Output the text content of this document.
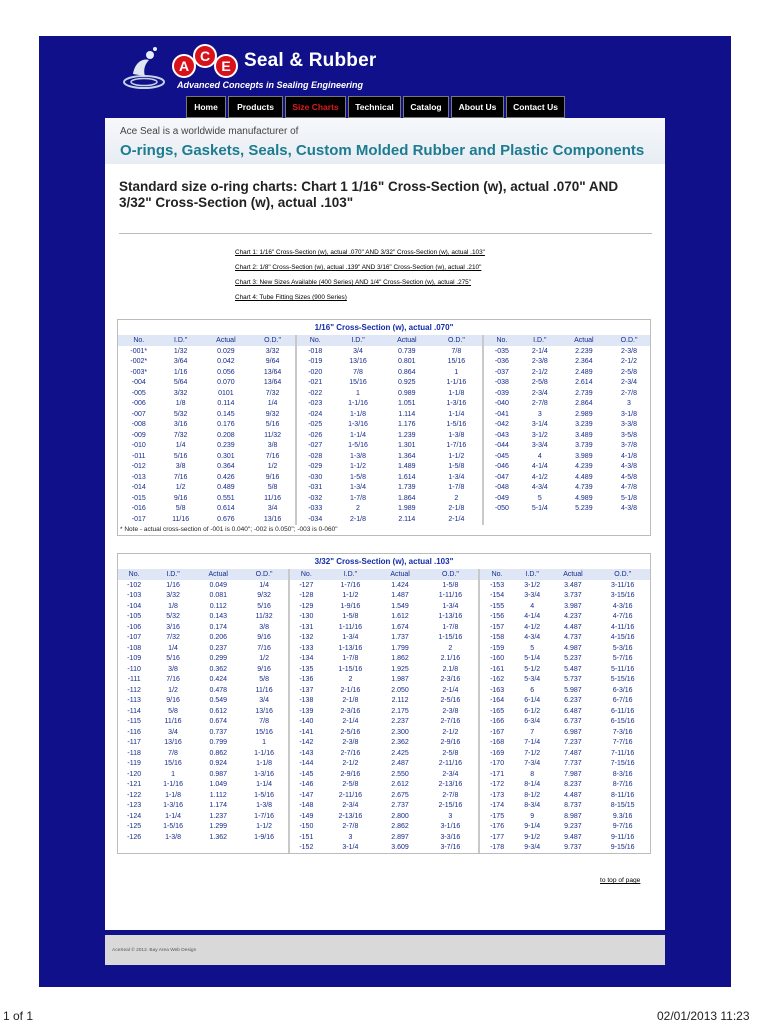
A
C
E Seal & Rubber
Advanced Concepts in Sealing Engineering
Home	Products	Size Charts	Technical	Catalog	About Us	Contact Us
Ace Seal is a worldwide manufacturer of
O-rings, Gaskets, Seals, Custom Molded Rubber and Plastic Components
Standard size o-ring charts: Chart 1 1/16" Cross-Section (w), actual .070" AND 3/32" Cross-Section (w), actual .103"
Chart 1: 1/16" Cross-Section (w), actual .070" AND 3/32" Cross-Section (w), actual .103"
Chart 2: 1/8" Cross-Section (w), actual .139" AND 3/16" Cross-Section (w), actual .210"
Chart 3: New Sizes Available (400 Series) AND 1/4" Cross-Section (w), actual .275"
Chart 4: Tube Fitting Sizes (900 Series)
1/16" Cross-Section (w), actual .070"
No.	I.D."	Actual	O.D."	No.	I.D."	Actual	O.D."	No.	I.D."	Actual	O.D."
-001*	1/32	0.029	3/32	-018	3/4	0.739	7/8	-035	2-1/4	2.239	2-3/8
-002*	3/64	0.042	9/64	-019	13/16	0.801	15/16	-036	2-3/8	2.364	2-1/2
-003*	1/16	0.056	13/64	-020	7/8	0.864	1	-037	2-1/2	2.489	2-5/8
-004	5/64	0.070	13/64	-021	15/16	0.925	1-1/16	-038	2-5/8	2.614	2-3/4
-005	3/32	0101	7/32	-022	1	0.989	1-1/8	-039	2-3/4	2.739	2-7/8
-006	1/8	0.114	1/4	-023	1-1/16	1.051	1-3/16	-040	2-7/8	2.864	3
-007	5/32	0.145	9/32	-024	1-1/8	1.114	1-1/4	-041	3	2.989	3-1/8
-008	3/16	0.176	5/16	-025	1-3/16	1.176	1-5/16	-042	3-1/4	3.239	3-3/8
-009	7/32	0.208	11/32	-026	1-1/4	1.239	1-3/8	-043	3-1/2	3.489	3-5/8
-010	1/4	0.239	3/8	-027	1-5/16	1.301	1-7/16	-044	3-3/4	3.739	3-7/8
-011	5/16	0.301	7/16	-028	1-3/8	1.364	1-1/2	-045	4	3.989	4-1/8
-012	3/8	0.364	1/2	-029	1-1/2	1.489	1-5/8	-046	4-1/4	4.239	4-3/8
-013	7/16	0.426	9/16	-030	1-5/8	1.614	1-3/4	-047	4-1/2	4.489	4-5/8
-014	1/2	0.489	5/8	-031	1-3/4	1.739	1-7/8	-048	4-3/4	4.739	4-7/8
-015	9/16	0.551	11/16	-032	1-7/8	1.864	2	-049	5	4.989	5-1/8
-016	5/8	0.614	3/4	-033	2	1.989	2-1/8	-050	5-1/4	5.239	4-3/8
-017	11/16	0.676	13/16	-034	2-1/8	2.114	2-1/4				
* Note - actual cross-section of -001 is 0.040"; -002 is 0.050"; -003 is 0-060"
3/32" Cross-Section (w), actual .103"
No.	I.D."	Actual	O.D."	No.	I.D."	Actual	O.D."	No.	I.D."	Actual	O.D."
-102	1/16	0.049	1/4	-127	1-7/16	1.424	1-5/8	-153	3-1/2	3.487	3-11/16
-103	3/32	0.081	9/32	-128	1-1/2	1.487	1-11/16	-154	3-3/4	3.737	3-15/16
-104	1/8	0.112	5/16	-129	1-9/16	1.549	1-3/4	-155	4	3.987	4-3/16
-105	5/32	0.143	11/32	-130	1-5/8	1.612	1-13/16	-156	4-1/4	4.237	4-7/16
-106	3/16	0.174	3/8	-131	1-11/16	1.674	1-7/8	-157	4-1/2	4.487	4-11/16
-107	7/32	0.206	9/16	-132	1-3/4	1.737	1-15/16	-158	4-3/4	4.737	4-15/16
-108	1/4	0.237	7/16	-133	1-13/16	1.799	2	-159	5	4.987	5-3/16
-109	5/16	0.299	1/2	-134	1-7/8	1.862	2.1/16	-160	5-1/4	5.237	5-7/16
-110	3/8	0.362	9/16	-135	1-15/16	1.925	2.1/8	-161	5-1/2	5.487	5-11/16
-111	7/16	0.424	5/8	-136	2	1.987	2-3/16	-162	5-3/4	5.737	5-15/16
-112	1/2	0.478	11/16	-137	2-1/16	2.050	2-1/4	-163	6	5.987	6-3/16
-113	9/16	0.549	3/4	-138	2-1/8	2.112	2-5/16	-164	6-1/4	6.237	6-7/16
-114	5/8	0.612	13/16	-139	2-3/16	2.175	2-3/8	-165	6-1/2	6.487	6-11/16
-115	11/16	0.674	7/8	-140	2-1/4	2.237	2-7/16	-166	6-3/4	6.737	6-15/16
-116	3/4	0.737	15/16	-141	2-5/16	2.300	2-1/2	-167	7	6.987	7-3/16
-117	13/16	0.799	1	-142	2-3/8	2.362	2-9/16	-168	7-1/4	7.237	7-7/16
-118	7/8	0.862	1-1/16	-143	2-7/16	2.425	2-5/8	-169	7-1/2	7.487	7-11/16
-119	15/16	0.924	1-1/8	-144	2-1/2	2.487	2-11/16	-170	7-3/4	7.737	7-15/16
-120	1	0.987	1-3/16	-145	2-9/16	2.550	2-3/4	-171	8	7.987	8-3/16
-121	1-1/16	1.049	1-1/4	-146	2-5/8	2.612	2-13/16	-172	8-1/4	8.237	8-7/16
-122	1-1/8	1.112	1-5/16	-147	2-11/16	2.675	2-7/8	-173	8-1/2	4.487	8-11/16
-123	1-3/16	1.174	1-3/8	-148	2-3/4	2.737	2-15/16	-174	8-3/4	8.737	8-15/15
-124	1-1/4	1.237	1-7/16	-149	2-13/16	2.800	3	-175	9	8.987	9.3/16
-125	1-5/16	1.299	1-1/2	-150	2-7/8	2.862	3-1/16	-176	9-1/4	9.237	9-7/16
-126	1-3/8	1.362	1-9/16	-151	3	2.897	3-3/16	-177	9-1/2	9.487	9-11/16
				-152	3-1/4	3.609	3-7/16	-178	9-3/4	9.737	9-15/16
to top of page
AceSeal © 2012. Bay Area Web Design
1 of 1	02/01/2013 11:23
